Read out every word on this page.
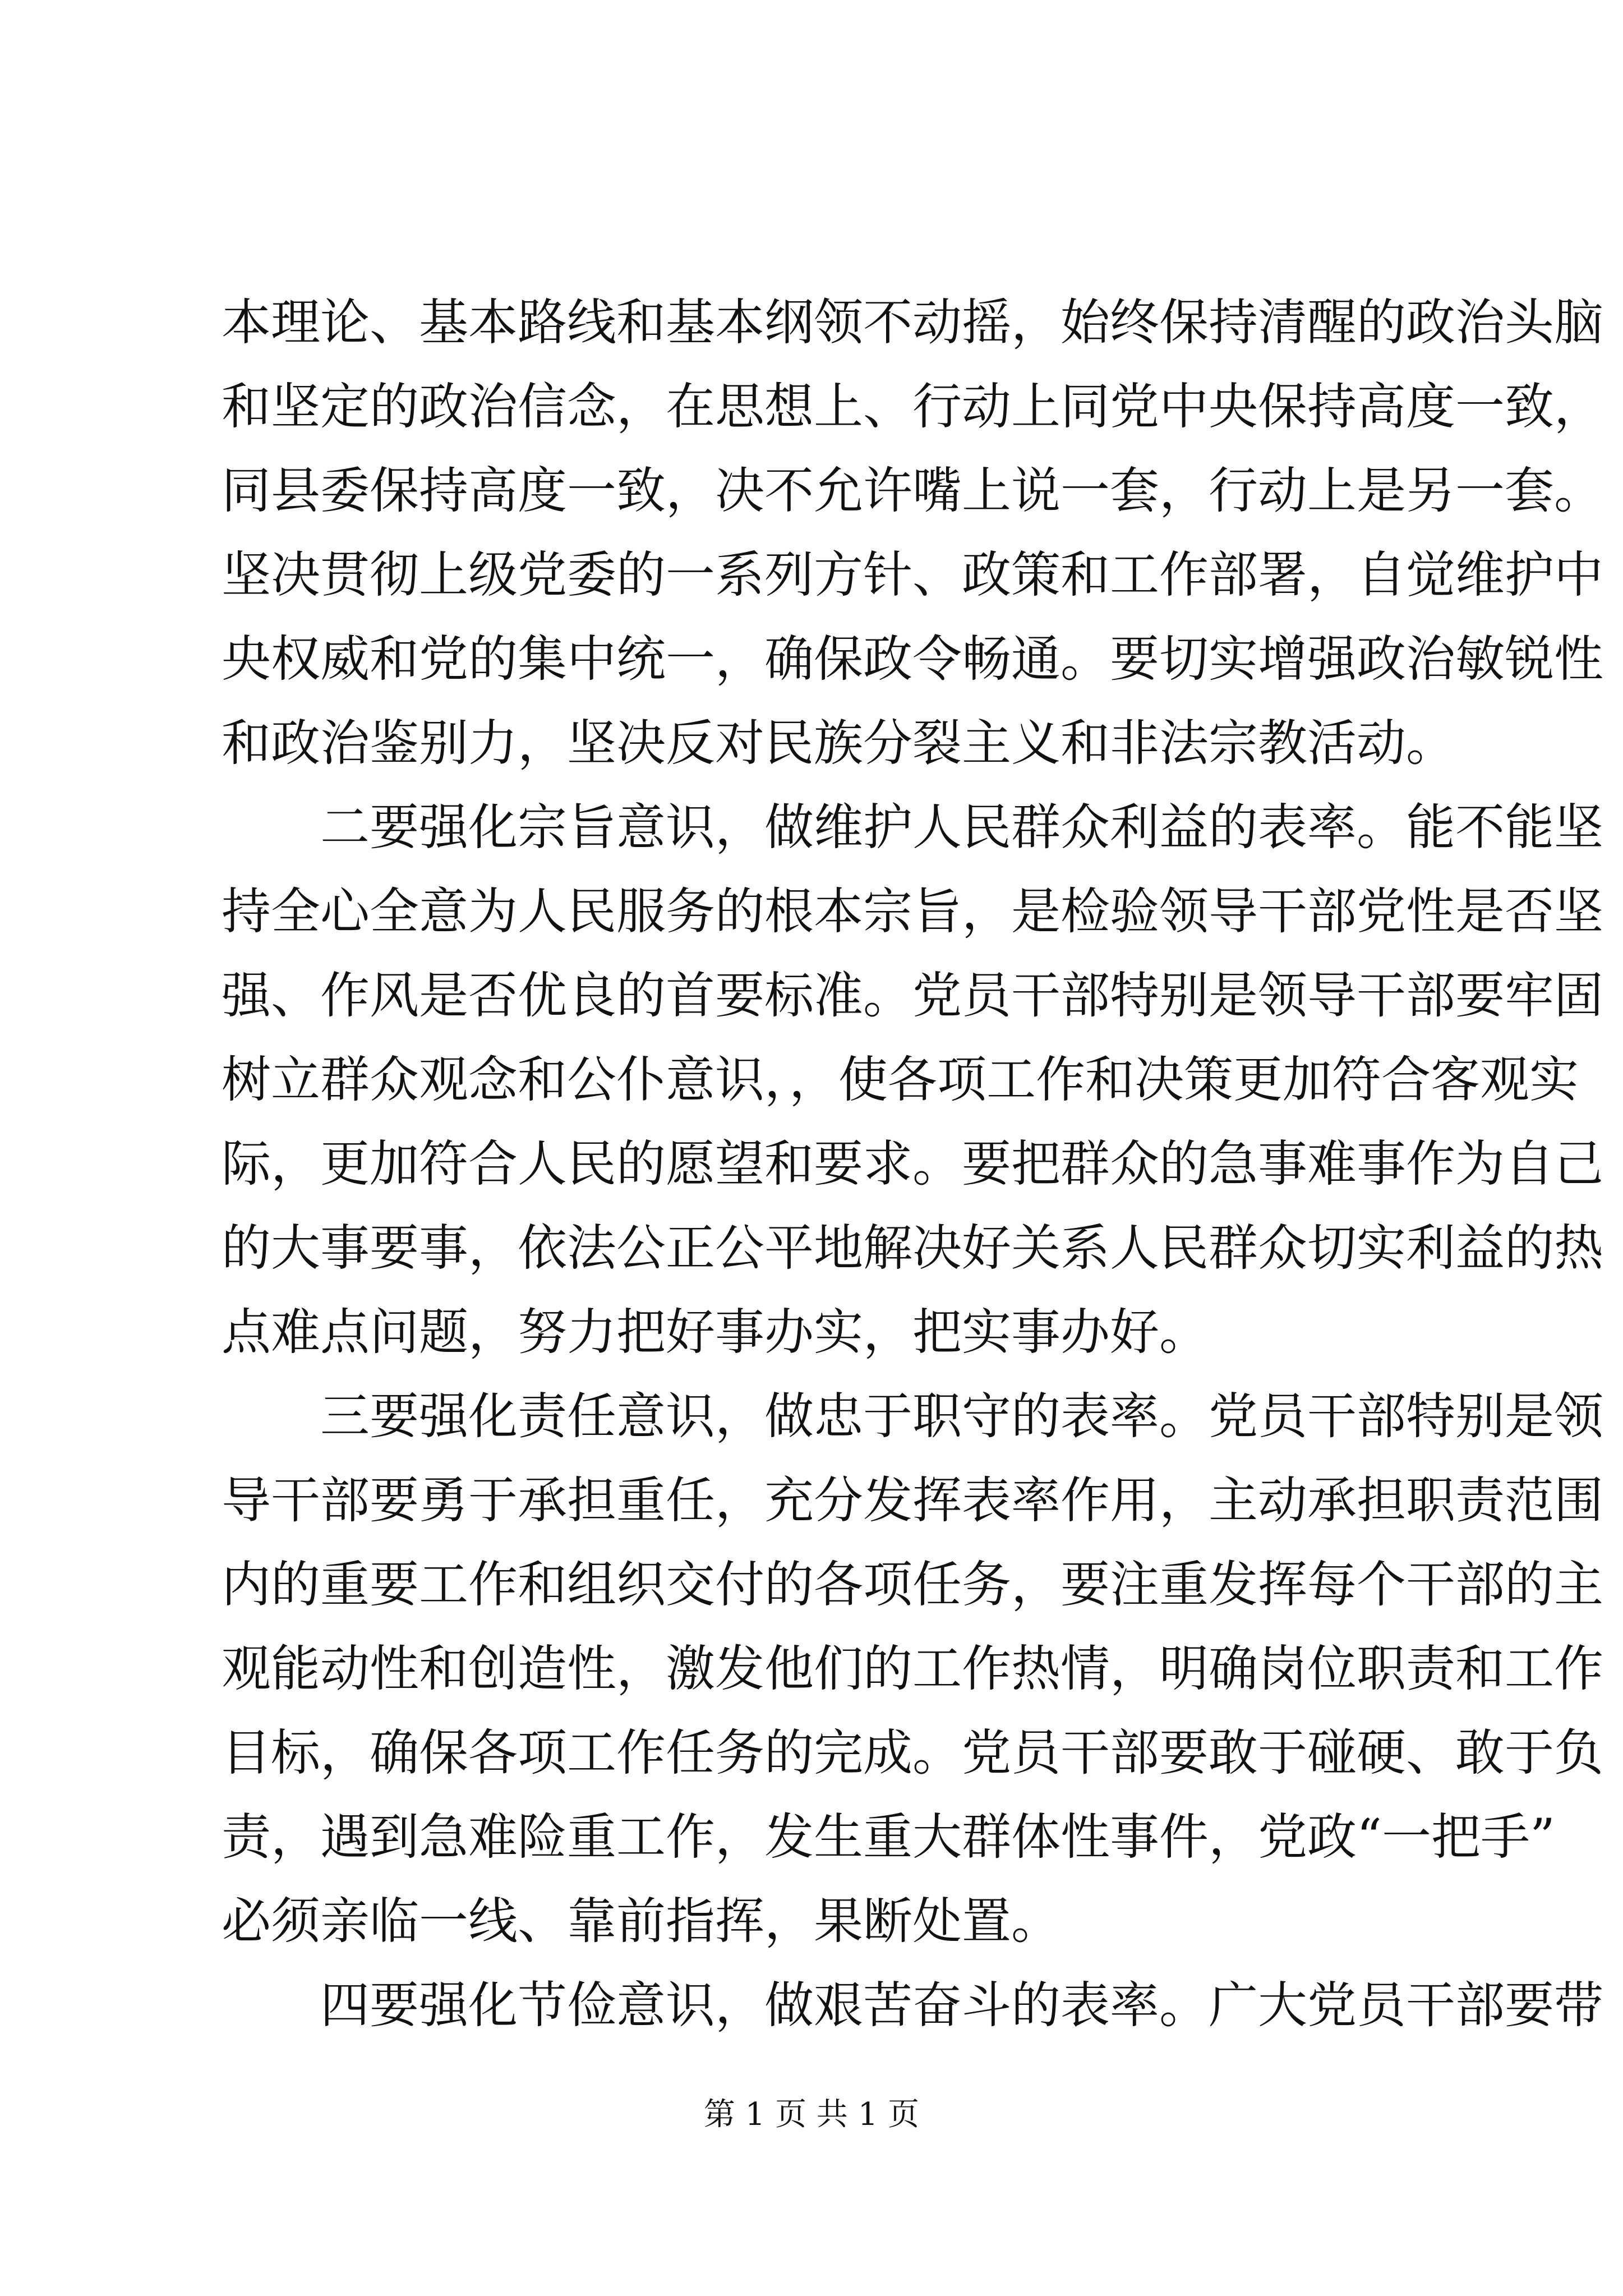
本理论、基本路线和基本纲领不动摇，始终保持清醒的政治头脑
和坚定的政治信念，在思想上、行动上同党中央保持高度一致，
同县委保持高度一致，决不允许嘴上说一套，行动上是另一套。
坚决贯彻上级党委的一系列方针、政策和工作部署，自觉维护中
央权威和党的集中统一，确保政令畅通。要切实增强政治敏锐性
和政治鉴别力，坚决反对民族分裂主义和非法宗教活动。
　　二要强化宗旨意识，做维护人民群众利益的表率。能不能坚
持全心全意为人民服务的根本宗旨，是检验领导干部党性是否坚
强、作风是否优良的首要标准。党员干部特别是领导干部要牢固
树立群众观念和公仆意识，，使各项工作和决策更加符合客观实
际，更加符合人民的愿望和要求。要把群众的急事难事作为自己
的大事要事，依法公正公平地解决好关系人民群众切实利益的热
点难点问题，努力把好事办实，把实事办好。
　　三要强化责任意识，做忠于职守的表率。党员干部特别是领
导干部要勇于承担重任，充分发挥表率作用，主动承担职责范围
内的重要工作和组织交付的各项任务，要注重发挥每个干部的主
观能动性和创造性，激发他们的工作热情，明确岗位职责和工作
目标，确保各项工作任务的完成。党员干部要敢于碰硬、敢于负
责，遇到急难险重工作，发生重大群体性事件，党政“一把手”
必须亲临一线、靠前指挥，果断处置。
　　四要强化节俭意识，做艰苦奋斗的表率。广大党员干部要带
第 1 页 共 1 页
